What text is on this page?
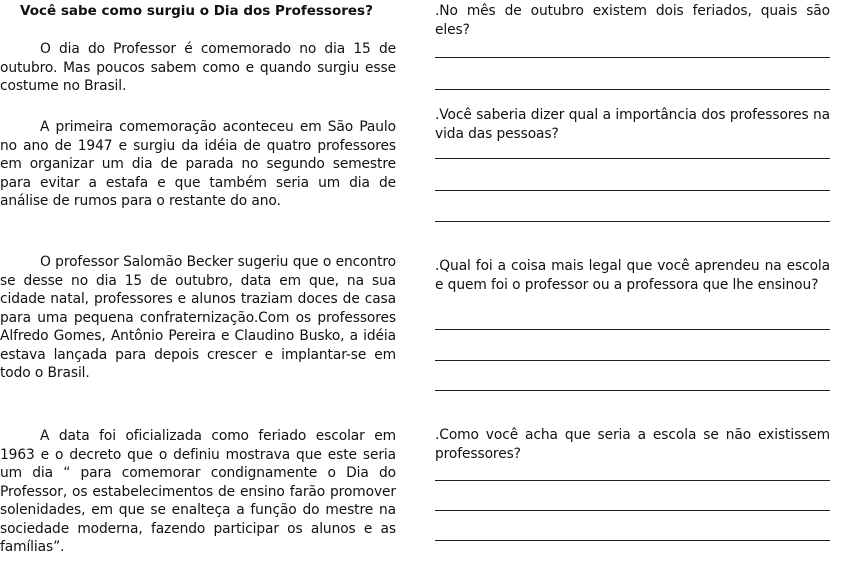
Você sabe como surgiu o Dia dos Professores?
O dia do Professor é comemorado no dia 15 de outubro. Mas poucos sabem como e quando surgiu esse costume no Brasil.
A primeira comemoração aconteceu em São Paulo no ano de 1947 e surgiu da idéia de quatro professores em organizar um dia de parada no segundo semestre para evitar a estafa e que também seria um dia de análise de rumos para o restante do ano.
O professor Salomão Becker sugeriu que o encontro se desse no dia 15 de outubro, data em que, na sua cidade natal, professores e alunos traziam doces de casa para uma pequena confraternização.Com os professores Alfredo Gomes, Antônio Pereira e Claudino Busko, a idéia estava lançada para depois crescer e implantar-se em todo o Brasil.
A data foi oficializada como feriado escolar em 1963 e o decreto que o definiu mostrava que este seria um dia “ para comemorar condignamente o Dia do Professor, os estabelecimentos de ensino farão promover solenidades, em que se enalteça a função do mestre na sociedade moderna, fazendo participar os alunos e as famílias”.
.No mês de outubro existem dois feriados, quais são eles?
.Você saberia dizer qual a importância dos professores na vida das pessoas?
.Qual foi a coisa mais legal que você aprendeu na escola e quem foi o professor ou a professora que lhe ensinou?
.Como você acha que seria a escola se não existissem professores?
